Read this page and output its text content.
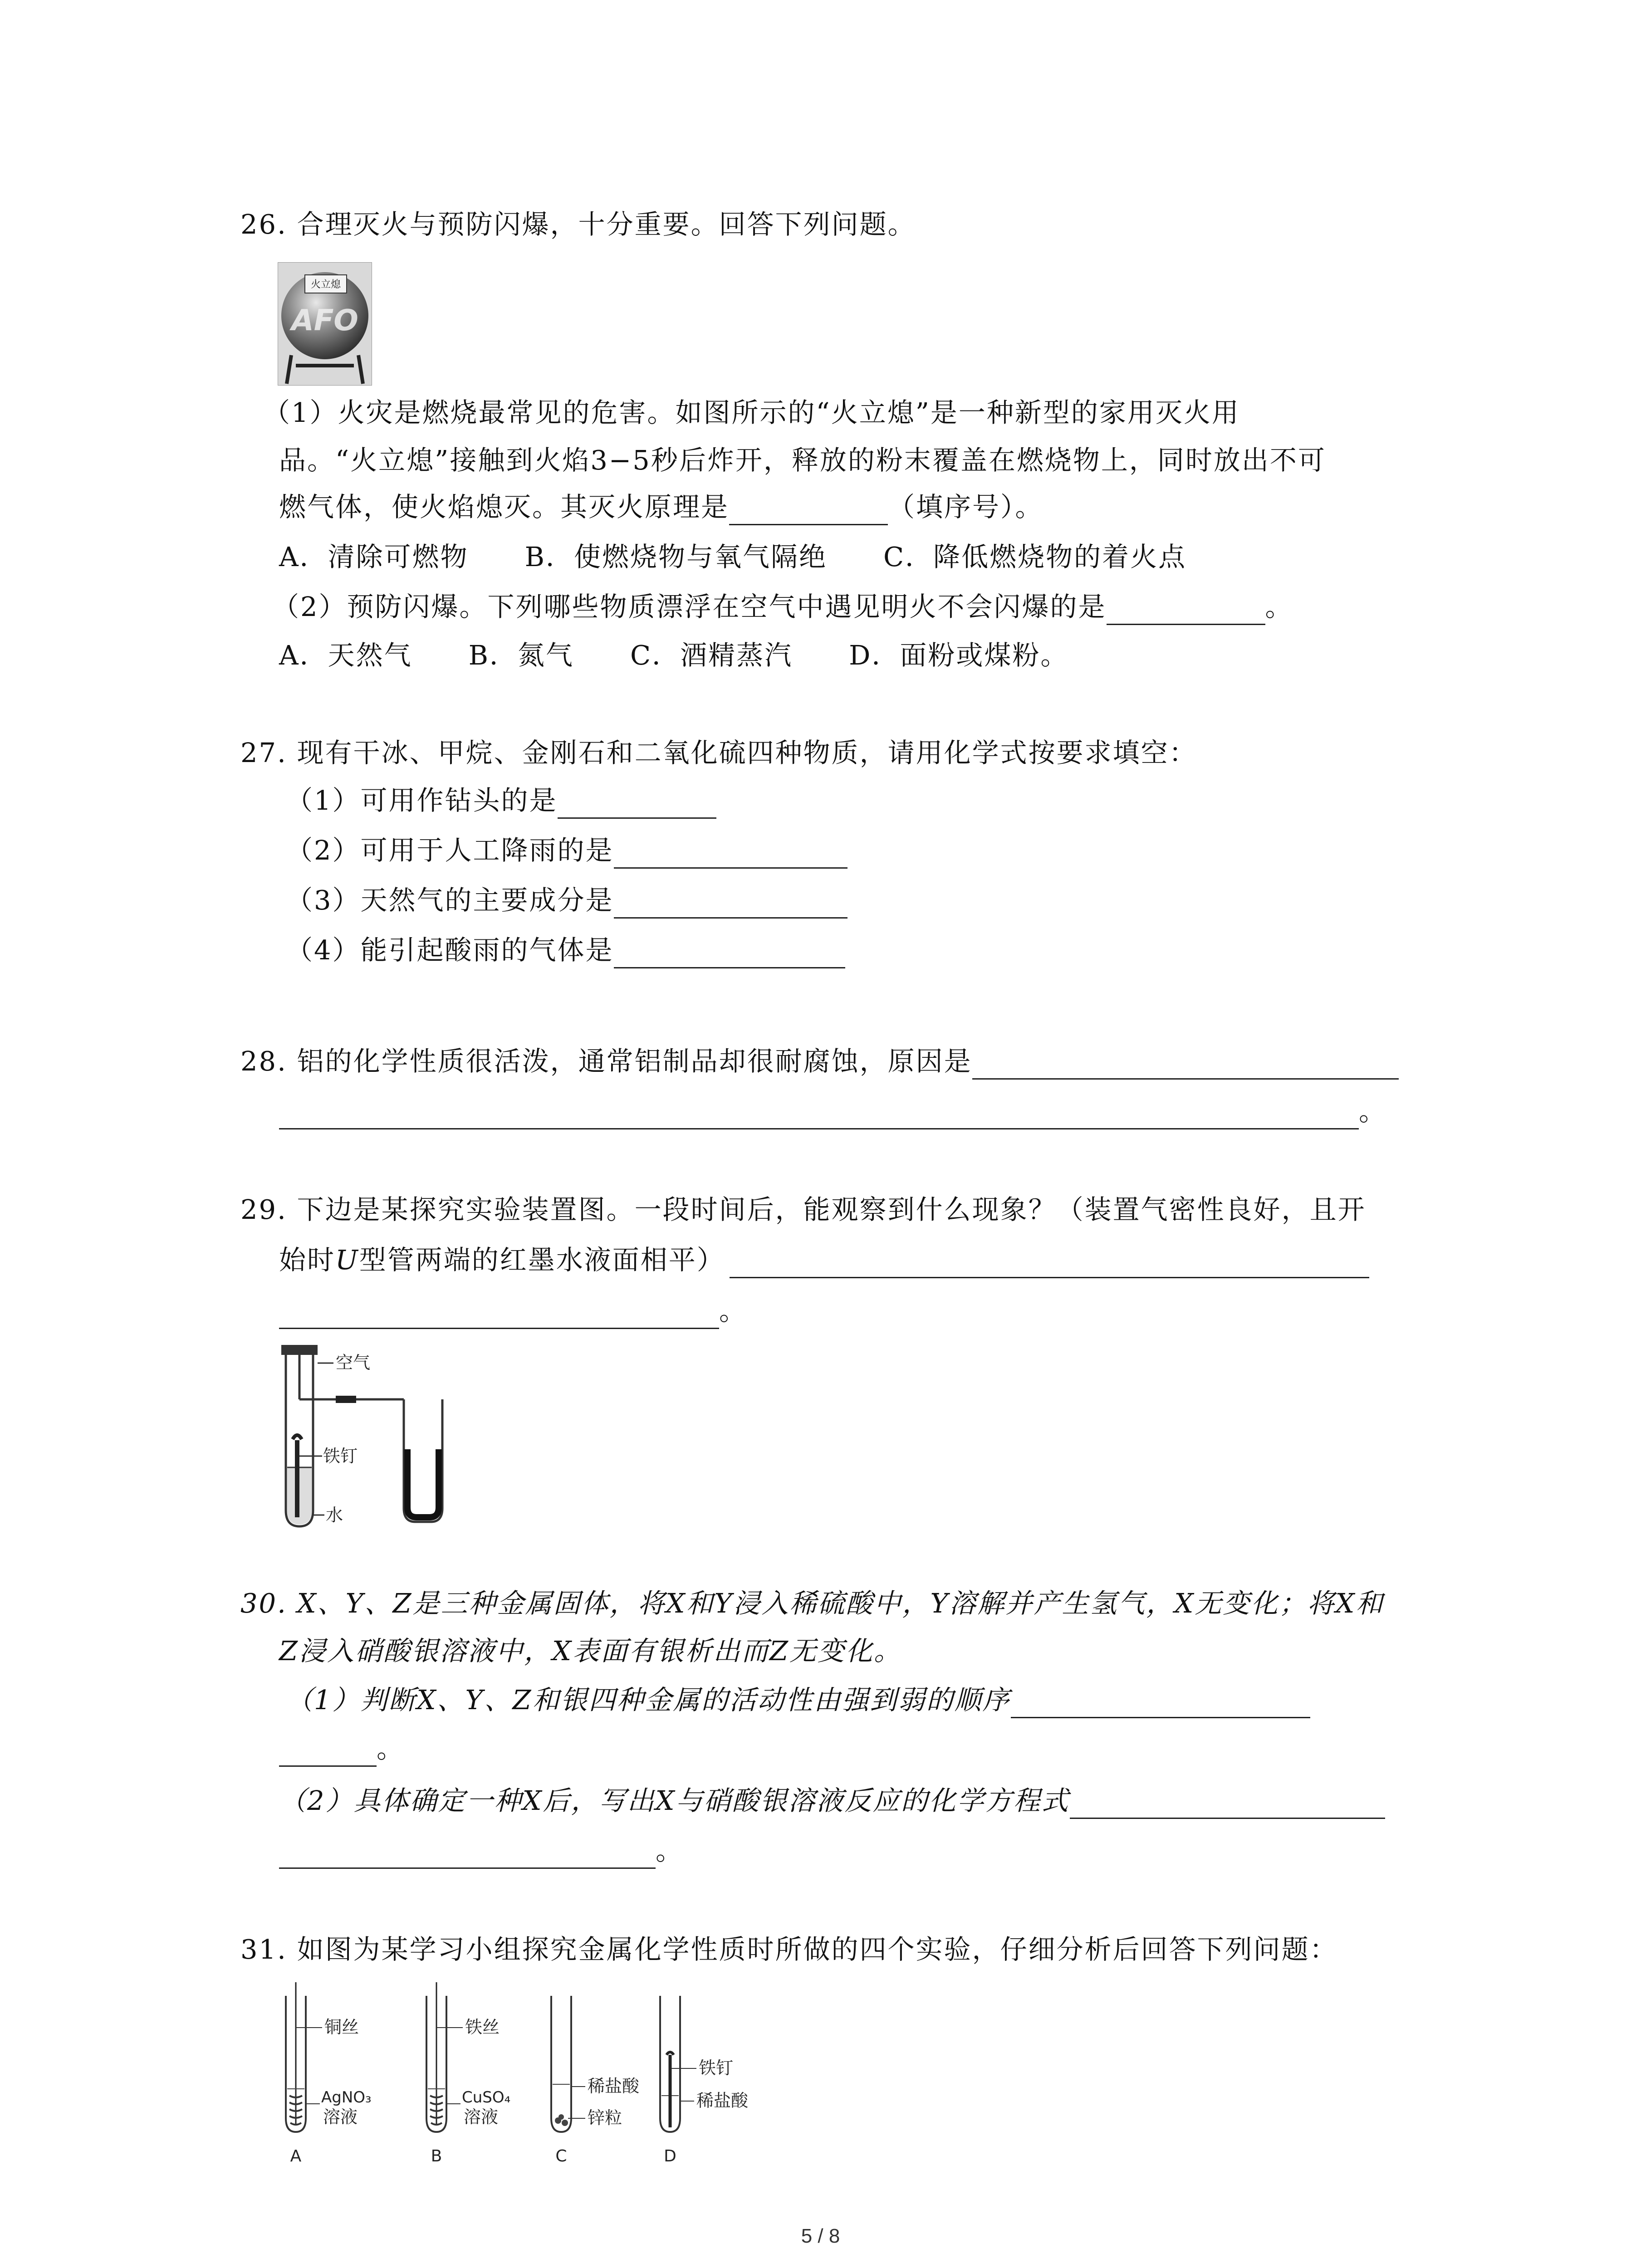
26. 合理灭火与预防闪爆，十分重要。回答下列问题。
火立熄
AFO
（1）火灾是燃烧最常见的危害。如图所示的“火立熄”是一种新型的家用灭火用
品。“火立熄”接触到火焰3−5秒后炸开，释放的粉末覆盖在燃烧物上，同时放出不可
燃气体，使火焰熄灭。其灭火原理是	（填序号）。
A．清除可燃物　　B．使燃烧物与氧气隔绝　　C．降低燃烧物的着火点
（2）预防闪爆。下列哪些物质漂浮在空气中遇见明火不会闪爆的是	。
A．天然气　　B．氮气　　C．酒精蒸汽　　D．面粉或煤粉。
27. 现有干冰、甲烷、金刚石和二氧化硫四种物质，请用化学式按要求填空：
（1）可用作钻头的是
（2）可用于人工降雨的是
（3）天然气的主要成分是
（4）能引起酸雨的气体是
28. 铝的化学性质很活泼，通常铝制品却很耐腐蚀，原因是
。
29. 下边是某探究实验装置图。一段时间后，能观察到什么现象？（装置气密性良好，且开
始时U型管两端的红墨水液面相平）
。
空气
铁钉
水
30. X、Y、Z是三种金属固体，将X和Y浸入稀硫酸中，Y溶解并产生氢气，X无变化；将X和
Z浸入硝酸银溶液中，X表面有银析出而Z无变化。
（1）判断X、Y、Z和银四种金属的活动性由强到弱的顺序
。
（2）具体确定一种X后，写出X与硝酸银溶液反应的化学方程式
。
31. 如图为某学习小组探究金属化学性质时所做的四个实验，仔细分析后回答下列问题：
铜丝
AgNO₃
溶液
A
铁丝
CuSO₄
溶液
B
稀盐酸
锌粒
C
铁钉
稀盐酸
D
5 / 8
